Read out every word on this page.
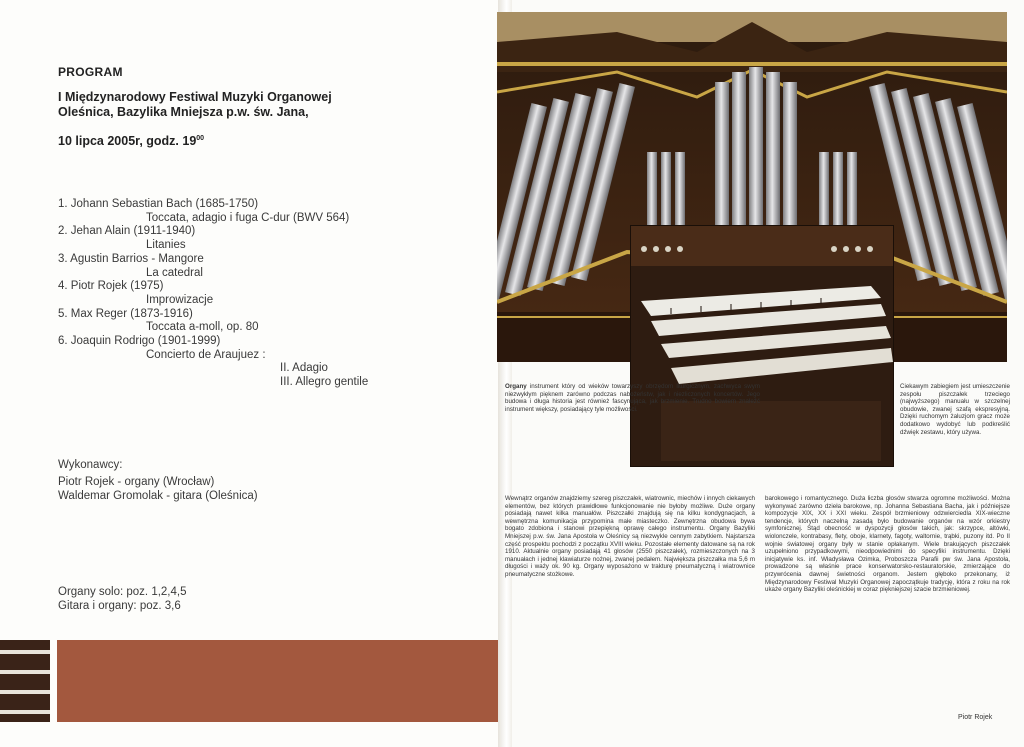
PROGRAM
I Międzynarodowy Festiwal Muzyki Organowej
Oleśnica, Bazylika Mniejsza p.w. św. Jana,
10 lipca 2005r, godz. $19^{00}$
1. Johann Sebastian Bach (1685-1750)
Toccata, adagio i fuga C-dur (BWV 564)
2. Jehan Alain (1911-1940)
Litanies
3. Agustin Barrios - Mangore
La catedral
4. Piotr Rojek (1975)
Improwizacje
5. Max Reger (1873-1916)
Toccata a-moll, op. 80
6. Joaquin Rodrigo (1901-1999)
Concierto de Araujuez :
II. Adagio
III. Allegro gentile
Wykonawcy:
Piotr Rojek - organy (Wrocław)
Waldemar Gromolak - gitara (Oleśnica)
Organy solo: poz. 1,2,4,5
Gitara i organy: poz. 3,6
Organy instrument który od wieków towarzyszy obrzędom liturgicznym, zachwyca swym niezwykłym pięknem zarówno podczas nabożeństw, jak i niezliczonych koncertów. Jego budowa i długa historia jest również fascynująca, jak brzmienie. Trudno bowiem znaleźć instrument większy, posiadający tyle możliwości.
Ciekawym zabiegiem jest umieszczenie zespołu piszczałek trzeciego (najwyższego) manuału w szczelnej obudowie, zwanej szafą ekspresyjną. Dzięki ruchomym żaluzjom gracz może dodatkowo wydobyć lub podkreślić dźwięk zestawu, który używa.
Wewnątrz organów znajdziemy szereg piszczałek, wiatrownic, miechów i innych ciekawych elementów, bez których prawidłowe funkcjonowanie nie byłoby możliwe. Duże organy posiadają nawet kilka manuałów. Piszczałki znajdują się na kilku kondygnacjach, a wewnętrzna komunikacja przypomina małe miasteczko. Zewnętrzna obudowa bywa bogato zdobiona i stanowi przepiękną oprawę całego instrumentu. Organy Bazyliki Mniejszej p.w. św. Jana Apostoła w Oleśnicy są niezwykle cennym zabytkiem. Najstarsza część prospektu pochodzi z początku XVIII wieku. Pozostałe elementy datowane są na rok 1910. Aktualnie organy posiadają 41 głosów (2550 piszczałek), rozmieszczonych na 3 manuałach i jednej klawiaturze nożnej, zwanej pedałem. Największa piszczałka ma 5,6 m długości i waży ok. 90 kg. Organy wyposażono w trakturę pneumatyczną i wiatrownice pneumatyczne stożkowe.
barokowego i romantycznego. Duża liczba głosów stwarza ogromne możliwości. Można wykonywać zarówno dzieła barokowe, np. Johanna Sebastiana Bacha, jak i późniejsze kompozycje XIX, XX i XXI wieku. Zespół brzmieniowy odzwierciedla XIX-wieczne tendencje, których naczelną zasadą było budowanie organów na wzór orkiestry symfonicznej. Stąd obecność w dyspozycji głosów takich, jak: skrzypce, altówki, wiolonczele, kontrabasy, flety, oboje, klarnety, fagoty, waltornie, trąbki, puzony itd. Po II wojnie światowej organy były w stanie opłakanym. Wiele brakujących piszczałek uzupełniono przypadkowymi, nieodpowiednimi do specyfiki instrumentu. Dzięki inicjatywie ks. inf. Władysława Ozimka, Proboszcza Parafii pw św. Jana Apostoła, prowadzone są właśnie prace konserwatorsko-restauratorskie, zmierzające do przywrócenia dawnej świetności organom. Jestem głęboko przekonany, iż Międzynarodowy Festiwal Muzyki Organowej zapoczątkuje tradycję, która z roku na rok ukaże organy Bazyliki oleśnickiej w coraz piękniejszej szacie brzmieniowej.
Piotr Rojek
